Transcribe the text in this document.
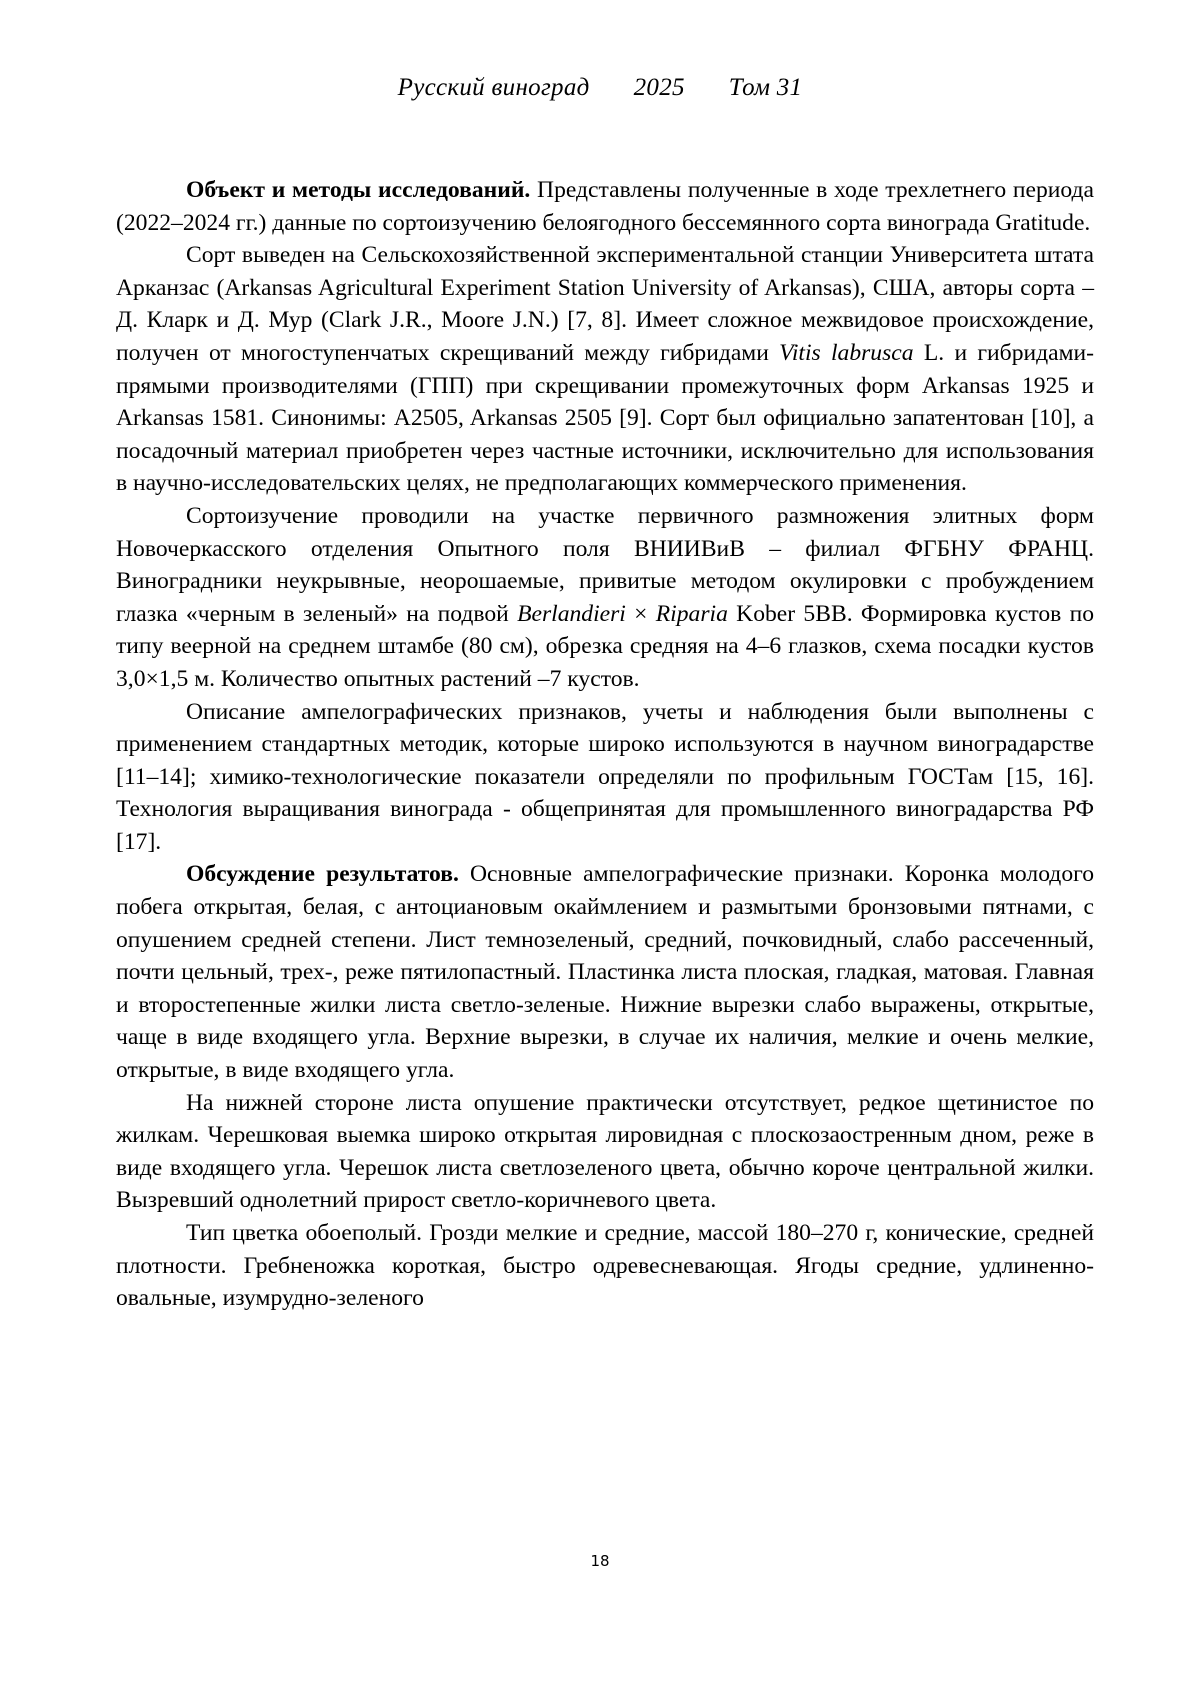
Русский виноград 2025 Том 31

Объект и методы исследований. Представлены полученные в ходе трехлетнего периода (2022–2024 гг.) данные по сортоизучению белоягодного бессемянного сорта винограда Gratitude.

Сорт выведен на Сельскохозяйственной экспериментальной станции Университета штата Арканзас (Arkansas Agricultural Experiment Station Univer­si­ty of Arkansas), США, авторы сорта – Д. Кларк и Д. Мур (Clark J.R., Moore J.N.) [7, 8]. Имеет сложное межвидовое происхождение, получен от многоступенчатых скрещиваний между гибридами Vitis labrusca L. и гибридами-прямыми производителями (ГПП) при скрещивании промежуточных форм Arkansas 1925 и Arkansas 1581. Синонимы: A2505, Arkansas 2505 [9]. Сорт был официально запатентован [10], а посадочный материал приобретен через частные источники, исключительно для использования в научно-исследовательских целях, не предполагающих коммерческого применения.

Сортоизучение проводили на участке первичного размножения элитных форм Новочеркасского отделения Опытного поля ВНИИВиВ – филиал ФГБНУ ФРАНЦ. Виноградники неукрывные, неорошаемые, привитые методом окулировки с пробуждением глазка «черным в зеленый» на подвой Berlandieri × Riparia Kober 5BB. Формировка кустов по типу веерной на среднем штамбе (80 см), обрезка средняя на 4–6 глазков, схема посадки кустов 3,0×1,5 м. Количество опытных растений –7 кустов.

Описание ампелографических признаков, учеты и наблюдения были выполнены с применением стандартных методик, которые широко используются в научном виноградарстве [11–14]; химико-технологические показатели определяли по профильным ГОСТам [15, 16]. Технология выращивания винограда - общепринятая для промышленного виноградарства РФ [17].

Обсуждение результатов. Основные ампелографические признаки. Коронка молодого побега открытая, белая, с антоциановым окаймлением и размытыми бронзовыми пятнами, с опушением средней степени. Лист темно­зеленый, средний, почковидный, слабо рассеченный, почти цельный, трех-, реже пятилопастный. Пластинка листа плоская, гладкая, матовая. Главная и второстепенные жилки листа светло-зеленые. Нижние вырезки слабо выражены, открытые, чаще в виде входящего угла. Верхние вырезки, в случае их наличия, мелкие и очень мелкие, открытые, в виде входящего угла.

На нижней стороне листа опушение практически отсутствует, редкое щетинистое по жилкам. Черешковая выемка широко открытая лировидная с плоскозаостренным дном, реже в виде входящего угла. Черешок листа светло­зеленого цвета, обычно короче центральной жилки. Вызревший однолетний прирост светло-коричневого цвета.

Тип цветка обоеполый. Грозди мелкие и средние, массой 180–270 г, конические, средней плотности. Гребненожка короткая, быстро одревесневающая. Ягоды средние, удлиненно-овальные, изумрудно-зеленого

18
